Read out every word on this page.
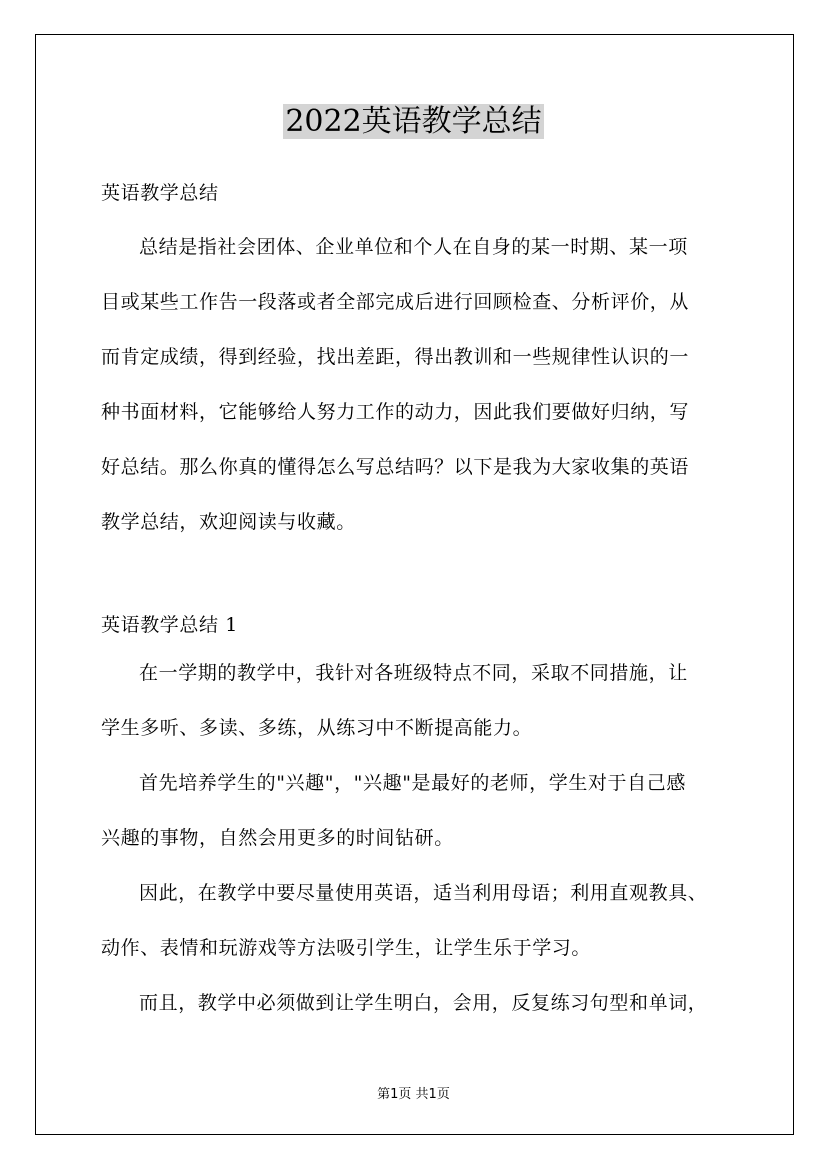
2022英语教学总结
英语教学总结
总结是指社会团体、企业单位和个人在自身的某一时期、某一项
目或某些工作告一段落或者全部完成后进行回顾检查、分析评价，从
而肯定成绩，得到经验，找出差距，得出教训和一些规律性认识的一
种书面材料，它能够给人努力工作的动力，因此我们要做好归纳，写
好总结。那么你真的懂得怎么写总结吗？以下是我为大家收集的英语
教学总结，欢迎阅读与收藏。
英语教学总结 1
在一学期的教学中，我针对各班级特点不同，采取不同措施，让
学生多听、多读、多练，从练习中不断提高能力。
首先培养学生的"兴趣"，"兴趣"是最好的老师，学生对于自己感
兴趣的事物，自然会用更多的时间钻研。
因此，在教学中要尽量使用英语，适当利用母语；利用直观教具、
动作、表情和玩游戏等方法吸引学生，让学生乐于学习。
而且，教学中必须做到让学生明白，会用，反复练习句型和单词，
第1页 共1页
